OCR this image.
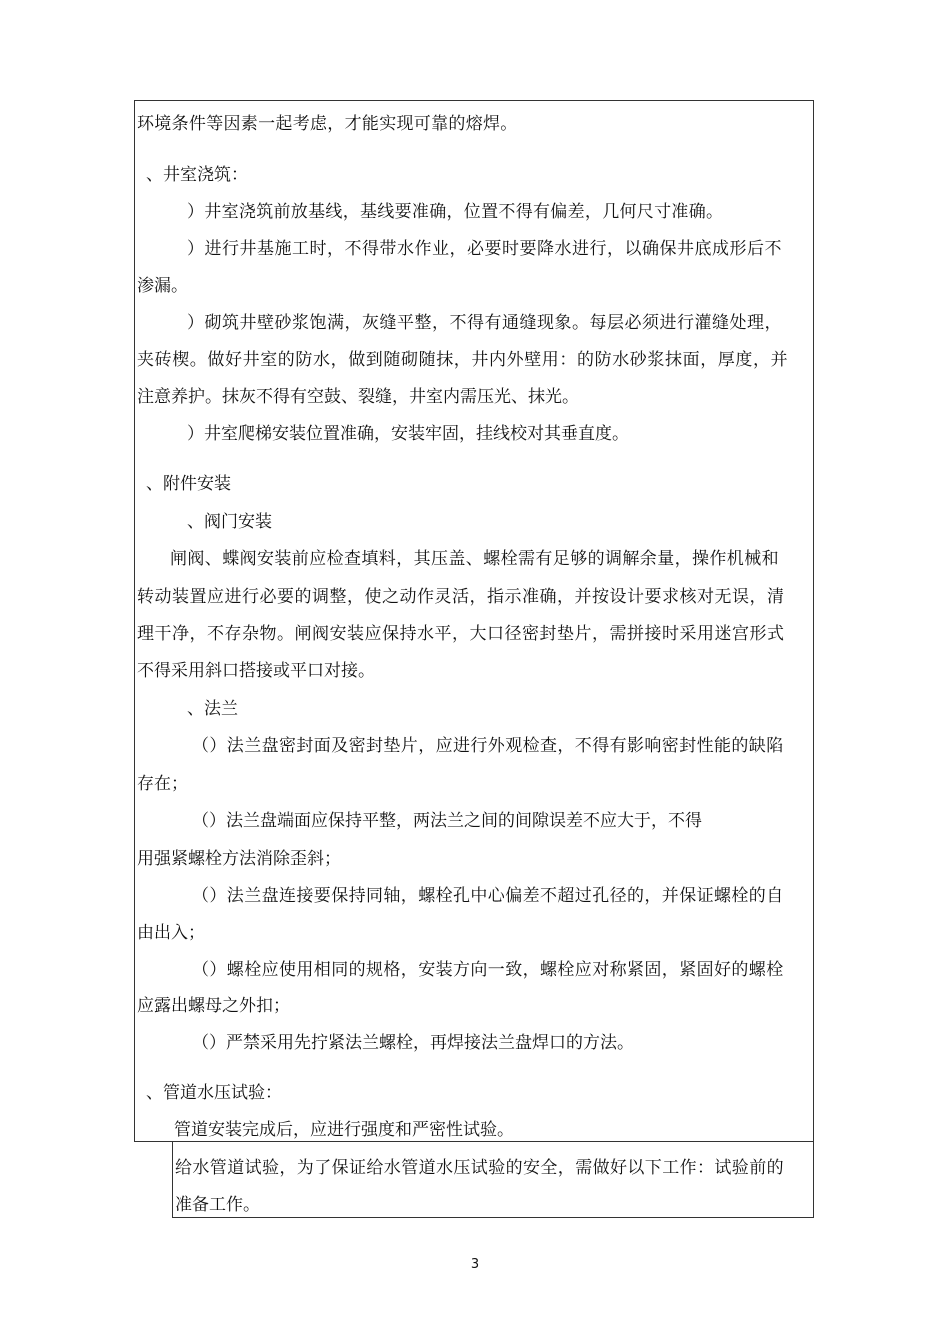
环境条件等因素一起考虑，才能实现可靠的熔焊。
、井室浇筑：
）井室浇筑前放基线，基线要准确，位置不得有偏差，几何尺寸准确。
）进行井基施工时，不得带水作业，必要时要降水进行，以确保井底成形后不
渗漏。
）砌筑井壁砂浆饱满，灰缝平整，不得有通缝现象。每层必须进行灌缝处理，
夹砖楔。做好井室的防水，做到随砌随抹，井内外壁用：的防水砂浆抹面，厚度，并
注意养护。抹灰不得有空鼓、裂缝，井室内需压光、抹光。
）井室爬梯安装位置准确，安装牢固，挂线校对其垂直度。
、附件安装
、阀门安装
闸阀、蝶阀安装前应检查填料，其压盖、螺栓需有足够的调解余量，操作机械和
转动装置应进行必要的调整，使之动作灵活，指示准确，并按设计要求核对无误，清
理干净，不存杂物。闸阀安装应保持水平，大口径密封垫片，需拼接时采用迷宫形式
不得采用斜口搭接或平口对接。
、法兰
（）法兰盘密封面及密封垫片，应进行外观检查，不得有影响密封性能的缺陷
存在；
（）法兰盘端面应保持平整，两法兰之间的间隙误差不应大于，不得
用强紧螺栓方法消除歪斜；
（）法兰盘连接要保持同轴，螺栓孔中心偏差不超过孔径的，并保证螺栓的自
由出入；
（）螺栓应使用相同的规格，安装方向一致，螺栓应对称紧固，紧固好的螺栓
应露出螺母之外扣；
（）严禁采用先拧紧法兰螺栓，再焊接法兰盘焊口的方法。
、管道水压试验：
管道安装完成后，应进行强度和严密性试验。
给水管道试验，为了保证给水管道水压试验的安全，需做好以下工作：试验前的
准备工作。
3
